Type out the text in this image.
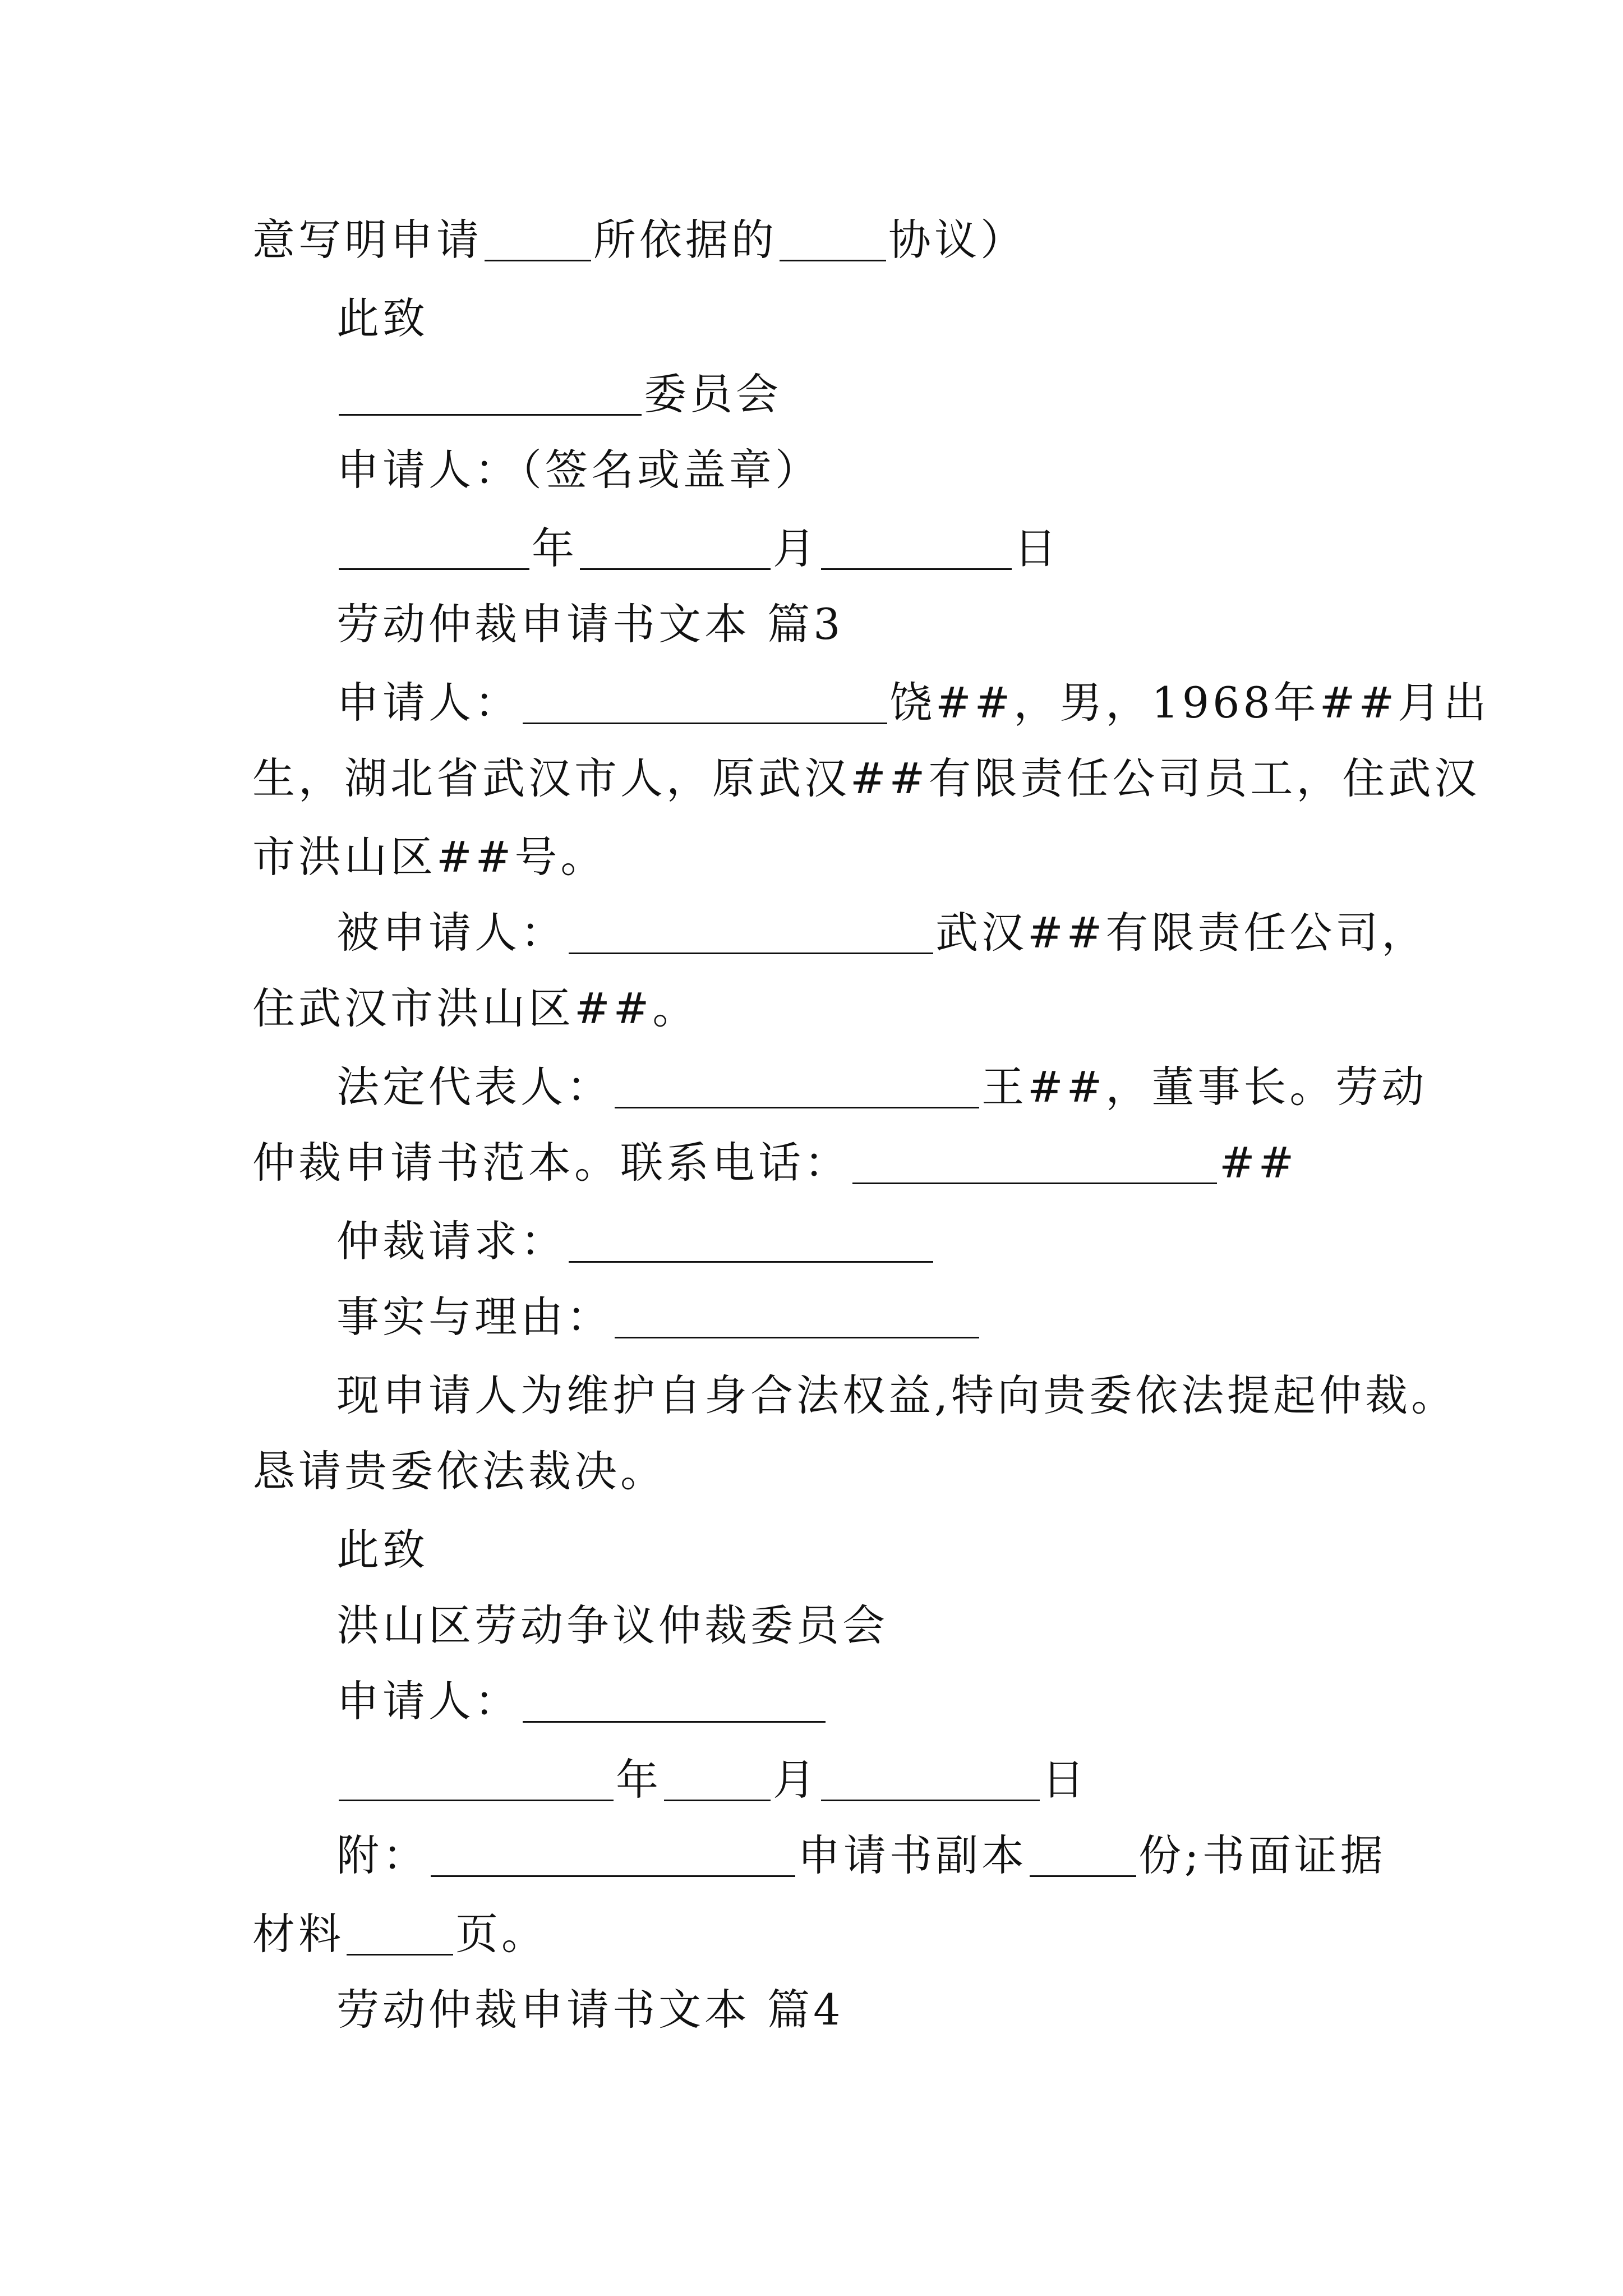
意写明申请	所依据的	协议）
此致
委员会
申请人：（签名或盖章）
年	月	日
劳动仲裁申请书文本 篇3
申请人：	饶##，男，1968年##月出
生，湖北省武汉市人，原武汉##有限责任公司员工，住武汉
市洪山区##号。
被申请人：	武汉##有限责任公司，
住武汉市洪山区##。
法定代表人：	王##，董事长。劳动
仲裁申请书范本。联系电话：	##
仲裁请求：
事实与理由：
现申请人为维护自身合法权益,特向贵委依法提起仲裁。
恳请贵委依法裁决。
此致
洪山区劳动争议仲裁委员会
申请人：
年	月	日
附：	申请书副本	份;书面证据
材料	页。
劳动仲裁申请书文本 篇4
